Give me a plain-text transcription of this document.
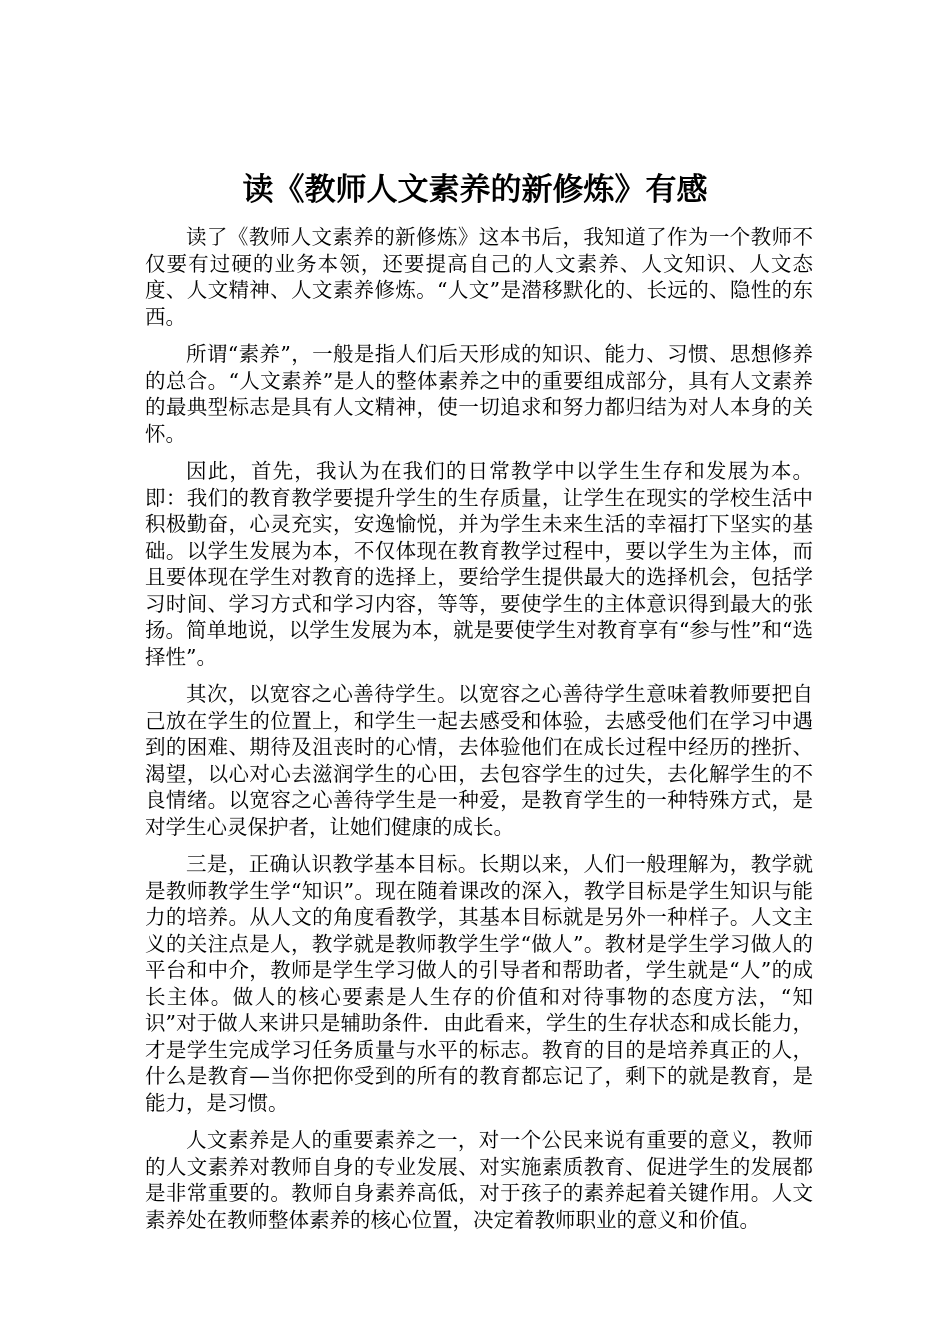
读《教师人文素养的新修炼》有感

读了《教师人文素养的新修炼》这本书后，我知道了作为一个教师不仅要有过硬的业务本领，还要提高自己的人文素养、人文知识、人文态度、人文精神、人文素养修炼。“人文”是潜移默化的、长远的、隐性的东西。

所谓“素养”，一般是指人们后天形成的知识、能力、习惯、思想修养的总合。“人文素养”是人的整体素养之中的重要组成部分，具有人文素养的最典型标志是具有人文精神，使一切追求和努力都归结为对人本身的关怀。

因此，首先，我认为在我们的日常教学中以学生生存和发展为本。即：我们的教育教学要提升学生的生存质量，让学生在现实的学校生活中积极勤奋，心灵充实，安逸愉悦，并为学生未来生活的幸福打下坚实的基础。以学生发展为本，不仅体现在教育教学过程中，要以学生为主体，而且要体现在学生对教育的选择上，要给学生提供最大的选择机会，包括学习时间、学习方式和学习内容，等等，要使学生的主体意识得到最大的张扬。简单地说，以学生发展为本，就是要使学生对教育享有“参与性”和“选择性”。

其次，以宽容之心善待学生。以宽容之心善待学生意味着教师要把自己放在学生的位置上，和学生一起去感受和体验，去感受他们在学习中遇到的困难、期待及沮丧时的心情，去体验他们在成长过程中经历的挫折、渴望，以心对心去滋润学生的心田，去包容学生的过失，去化解学生的不良情绪。以宽容之心善待学生是一种爱，是教育学生的一种特殊方式，是对学生心灵保护者，让她们健康的成长。

三是，正确认识教学基本目标。长期以来，人们一般理解为，教学就是教师教学生学“知识”。现在随着课改的深入，教学目标是学生知识与能力的培养。从人文的角度看教学，其基本目标就是另外一种样子。人文主义的关注点是人，教学就是教师教学生学“做人”。教材是学生学习做人的平台和中介，教师是学生学习做人的引导者和帮助者，学生就是“人”的成长主体。做人的核心要素是人生存的价值和对待事物的态度方法，“知识”对于做人来讲只是辅助条件．由此看来，学生的生存状态和成长能力，才是学生完成学习任务质量与水平的标志。教育的目的是培养真正的人，什么是教育—当你把你受到的所有的教育都忘记了，剩下的就是教育，是能力，是习惯。

人文素养是人的重要素养之一，对一个公民来说有重要的意义，教师的人文素养对教师自身的专业发展、对实施素质教育、促进学生的发展都是非常重要的。教师自身素养高低，对于孩子的素养起着关键作用。人文素养处在教师整体素养的核心位置，决定着教师职业的意义和价值。
